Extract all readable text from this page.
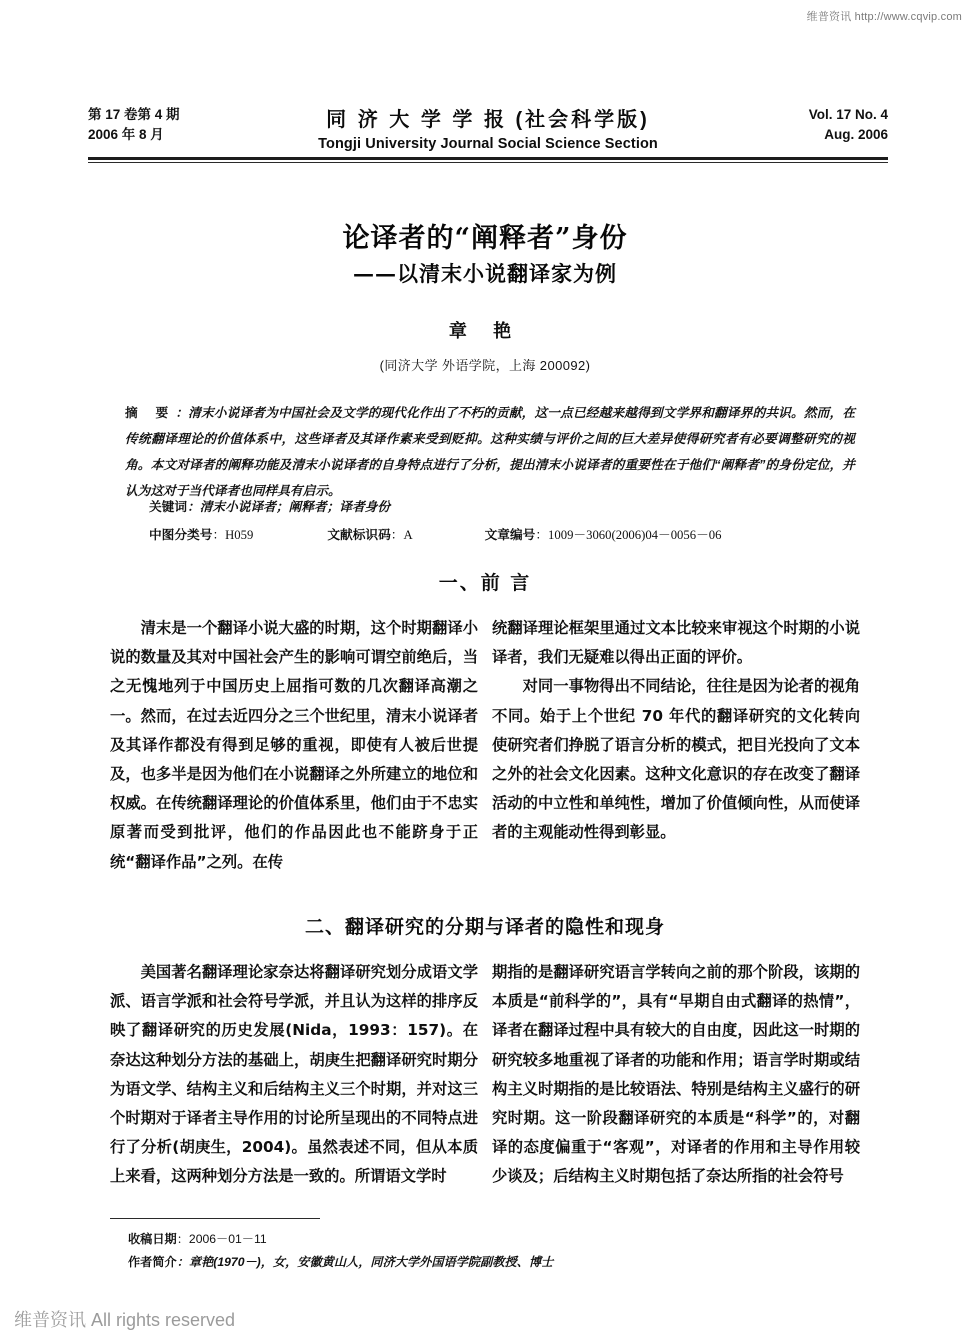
维普资讯 http://www.cqvip.com
维普资讯 All rights reserved
第 17 卷第 4 期
2006 年 8 月
同 济 大 学 学 报 (社会科学版)
Tongji University Journal Social Science Section
Vol. 17 No. 4
Aug. 2006
论译者的“阐释者”身份
——以清末小说翻译家为例
章 艳
(同济大学 外语学院，上海 200092)
摘 要：清末小说译者为中国社会及文学的现代化作出了不朽的贡献，这一点已经越来越得到文学界和翻译界的共识。然而，在传统翻译理论的价值体系中，这些译者及其译作素来受到贬抑。这种实绩与评价之间的巨大差异使得研究者有必要调整研究的视角。本文对译者的阐释功能及清末小说译者的自身特点进行了分析，提出清末小说译者的重要性在于他们“阐释者”的身份定位，并认为这对于当代译者也同样具有启示。
关键词：清末小说译者；阐释者；译者身份
中图分类号：H059	文献标识码：A	文章编号：1009－3060(2006)04－0056－06
一、前 言

清末是一个翻译小说大盛的时期，这个时期翻译小说的数量及其对中国社会产生的影响可谓空前绝后，当之无愧地列于中国历史上屈指可数的几次翻译高潮之一。然而，在过去近四分之三个世纪里，清末小说译者及其译作都没有得到足够的重视，即使有人被后世提及，也多半是因为他们在小说翻译之外所建立的地位和权威。在传统翻译理论的价值体系里，他们由于不忠实原著而受到批评，他们的作品因此也不能跻身于正统“翻译作品”之列。在传

统翻译理论框架里通过文本比较来审视这个时期的小说译者，我们无疑难以得出正面的评价。

对同一事物得出不同结论，往往是因为论者的视角不同。始于上个世纪 70 年代的翻译研究的文化转向使研究者们挣脱了语言分析的模式，把目光投向了文本之外的社会文化因素。这种文化意识的存在改变了翻译活动的中立性和单纯性，增加了价值倾向性，从而使译者的主观能动性得到彰显。

二、翻译研究的分期与译者的隐性和现身

美国著名翻译理论家奈达将翻译研究划分成语文学派、语言学派和社会符号学派，并且认为这样的排序反映了翻译研究的历史发展(Nida，1993：157)。在奈达这种划分方法的基础上，胡庚生把翻译研究时期分为语文学、结构主义和后结构主义三个时期，并对这三个时期对于译者主导作用的讨论所呈现出的不同特点进行了分析(胡庚生，2004)。虽然表述不同，但从本质上来看，这两种划分方法是一致的。所谓语文学时

期指的是翻译研究语言学转向之前的那个阶段，该期的本质是“前科学的”，具有“早期自由式翻译的热情”，译者在翻译过程中具有较大的自由度，因此这一时期的研究较多地重视了译者的功能和作用；语言学时期或结构主义时期指的是比较语法、特别是结构主义盛行的研究时期。这一阶段翻译研究的本质是“科学”的，对翻译的态度偏重于“客观”，对译者的作用和主导作用较少谈及；后结构主义时期包括了奈达所指的社会符号

收稿日期：2006－01－11
作者简介：章艳(1970－)，女，安徽黄山人，同济大学外国语学院副教授、博士
